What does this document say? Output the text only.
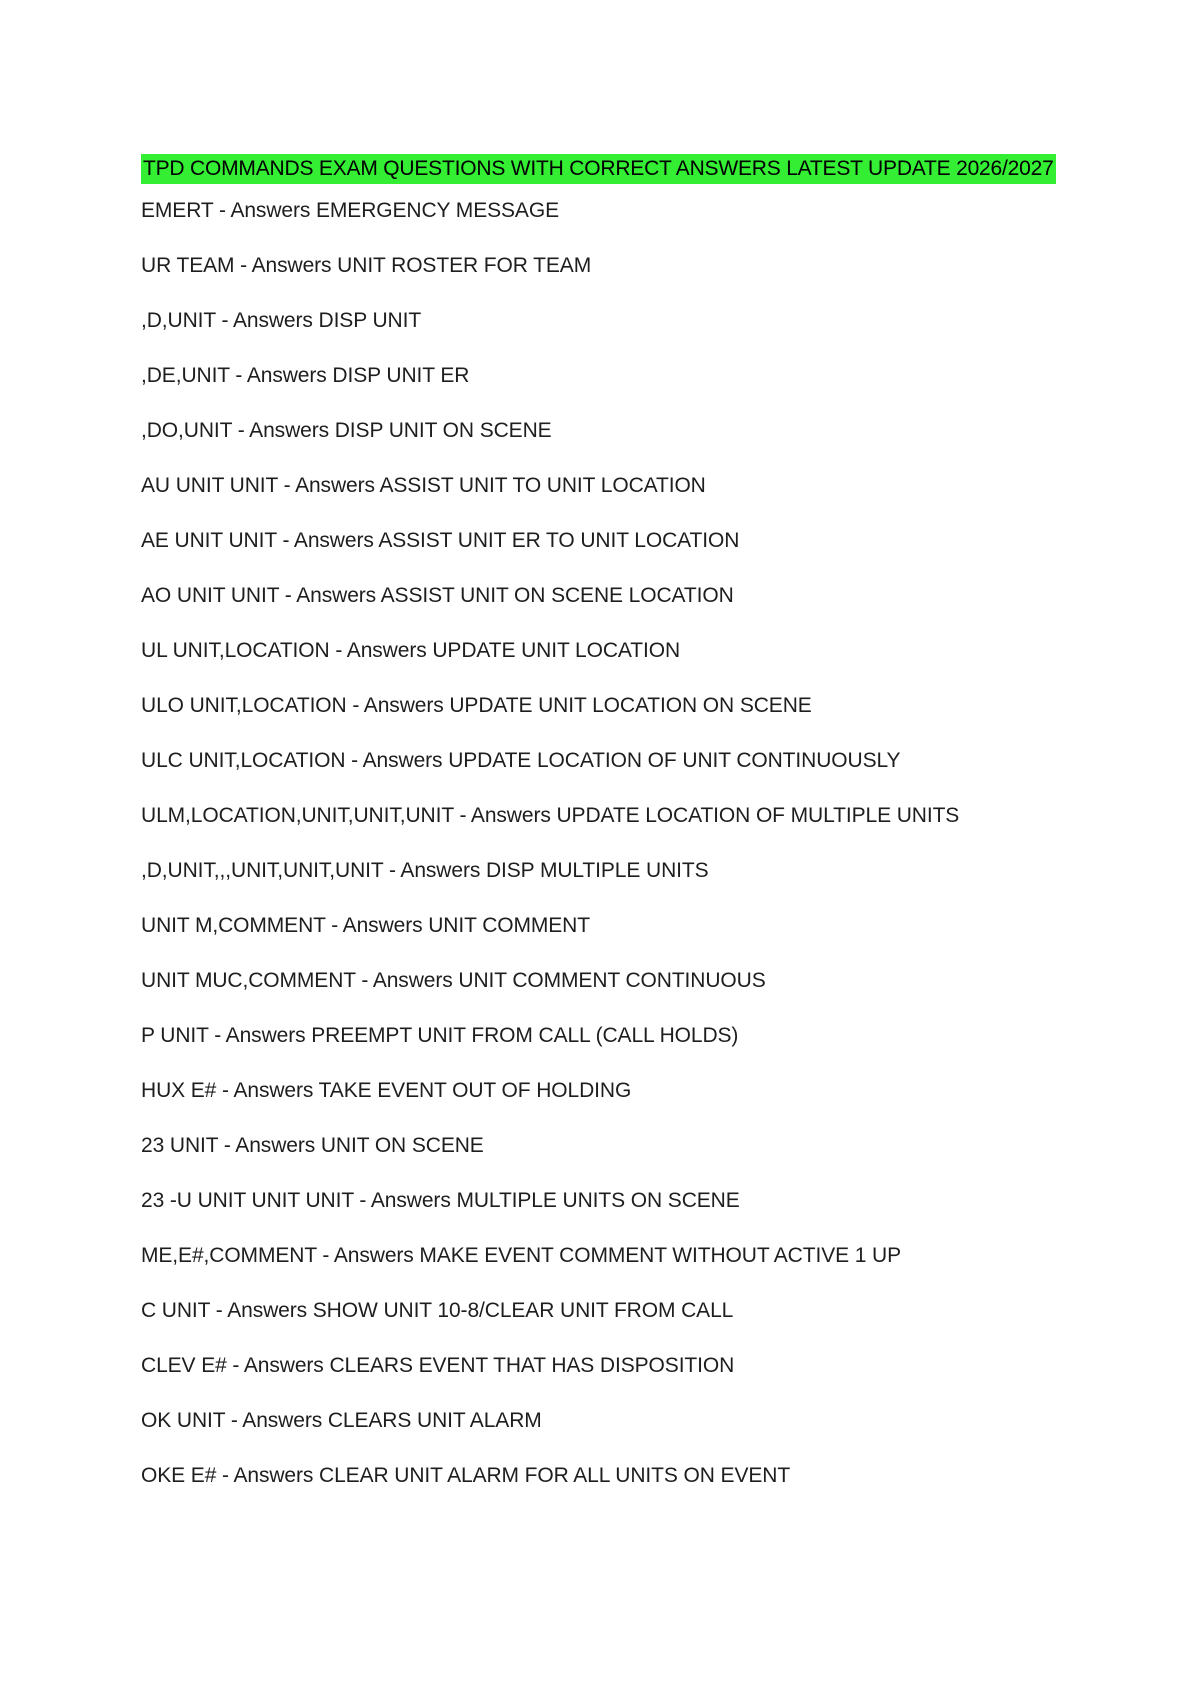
TPD COMMANDS EXAM QUESTIONS WITH CORRECT ANSWERS LATEST UPDATE 2026/2027
EMERT - Answers EMERGENCY MESSAGE
UR TEAM - Answers UNIT ROSTER FOR TEAM
,D,UNIT - Answers DISP UNIT
,DE,UNIT - Answers DISP UNIT ER
,DO,UNIT - Answers DISP UNIT ON SCENE
AU UNIT UNIT - Answers ASSIST UNIT TO UNIT LOCATION
AE UNIT UNIT - Answers ASSIST UNIT ER TO UNIT LOCATION
AO UNIT UNIT - Answers ASSIST UNIT ON SCENE LOCATION
UL UNIT,LOCATION - Answers UPDATE UNIT LOCATION
ULO UNIT,LOCATION - Answers UPDATE UNIT LOCATION ON SCENE
ULC UNIT,LOCATION - Answers UPDATE LOCATION OF UNIT CONTINUOUSLY
ULM,LOCATION,UNIT,UNIT,UNIT - Answers UPDATE LOCATION OF MULTIPLE UNITS
,D,UNIT,,,UNIT,UNIT,UNIT - Answers DISP MULTIPLE UNITS
UNIT M,COMMENT - Answers UNIT COMMENT
UNIT MUC,COMMENT - Answers UNIT COMMENT CONTINUOUS
P UNIT - Answers PREEMPT UNIT FROM CALL (CALL HOLDS)
HUX E# - Answers TAKE EVENT OUT OF HOLDING
23 UNIT - Answers UNIT ON SCENE
23 -U UNIT UNIT UNIT - Answers MULTIPLE UNITS ON SCENE
ME,E#,COMMENT - Answers MAKE EVENT COMMENT WITHOUT ACTIVE 1 UP
C UNIT - Answers SHOW UNIT 10-8/CLEAR UNIT FROM CALL
CLEV E# - Answers CLEARS EVENT THAT HAS DISPOSITION
OK UNIT - Answers CLEARS UNIT ALARM
OKE E# - Answers CLEAR UNIT ALARM FOR ALL UNITS ON EVENT
